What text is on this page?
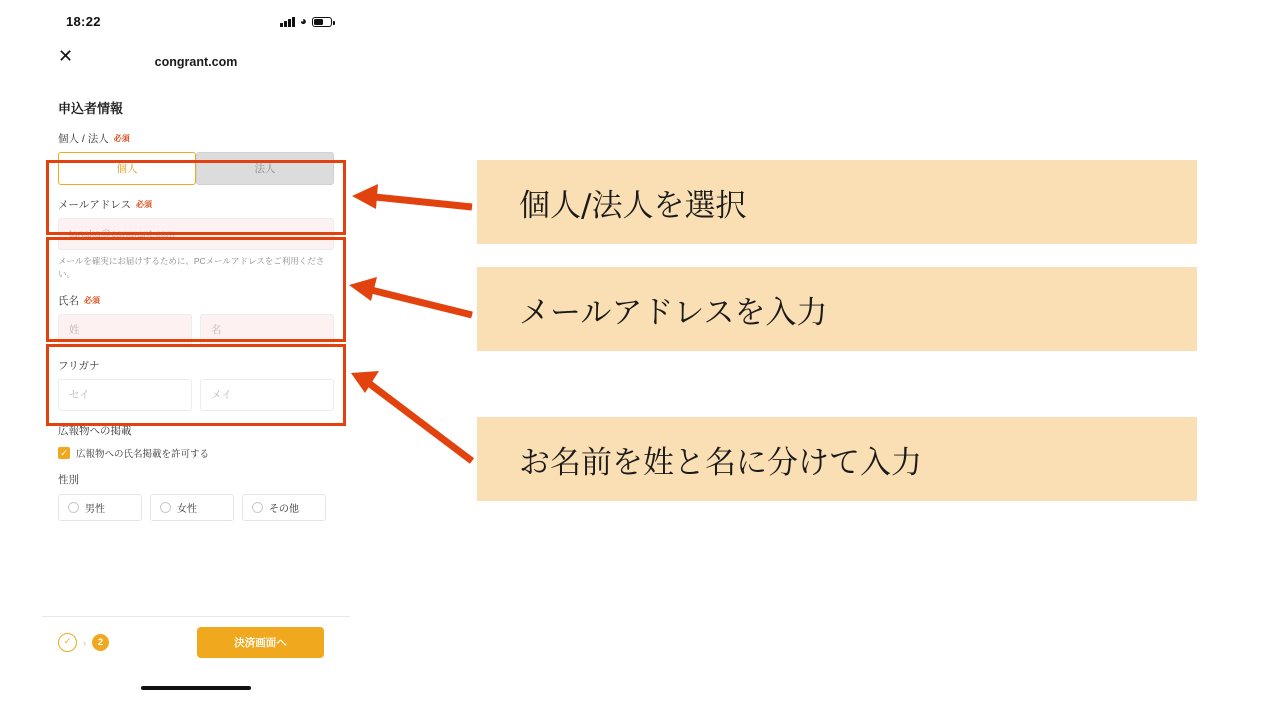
18:22	◕
✕	congrant.com
申込者情報
個人 / 法人 必須
個人	法人
メールアドレス 必須
tanaka@congrant.com
メールを確実にお届けするために、PCメールアドレスをご利用ください。
氏名 必須
姓	名
フリガナ
セイ	メイ
広報物への掲載
✓ 広報物への氏名掲載を許可する
性別
男性	女性	その他
✓	›	2	決済画面へ
個人/法人を選択
メールアドレスを入力
お名前を姓と名に分けて入力
